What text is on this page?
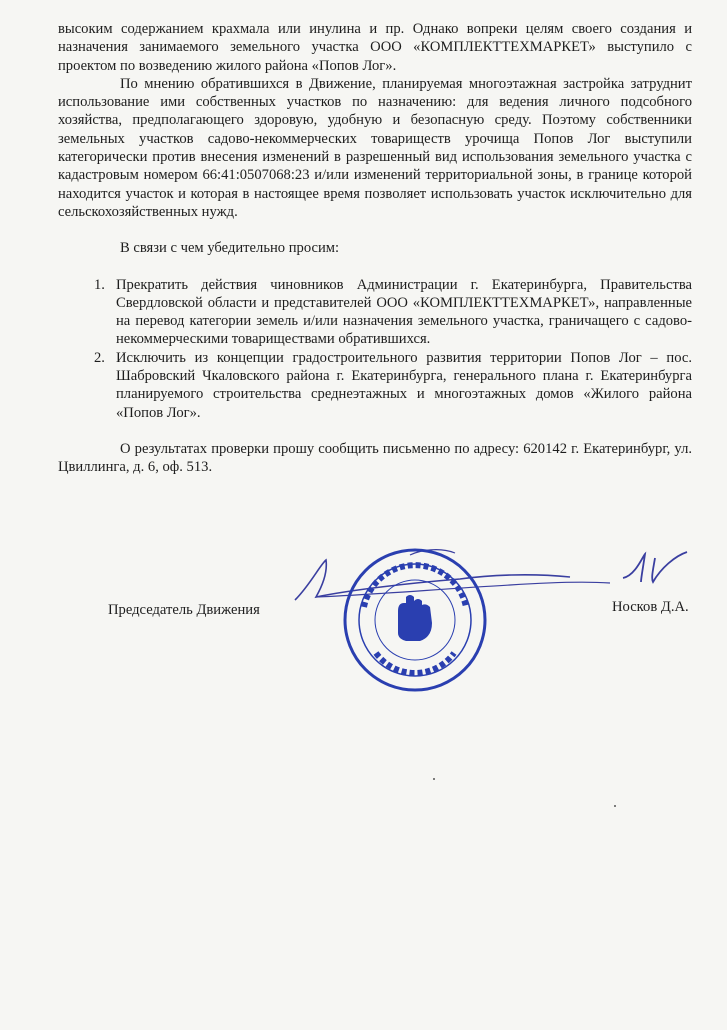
высоким содержанием крахмала или инулина и пр. Однако вопреки целям своего создания и назначения занимаемого земельного участка ООО «КОМПЛЕКТТЕХМАРКЕТ» выступило с проектом по возведению жилого района «Попов Лог».

По мнению обратившихся в Движение, планируемая многоэтажная застройка затруднит использование ими собственных участков по назначению: для ведения личного подсобного хозяйства, предполагающего здоровую, удобную и безопасную среду. Поэтому собственники земельных участков садово-некоммерческих товариществ урочища Попов Лог выступили категорически против внесения изменений в разрешенный вид использования земельного участка с кадастровым номером 66:41:0507068:23 и/или изменений территориальной зоны, в границе которой находится участок и которая в настоящее время позволяет использовать участок исключительно для сельскохозяйственных нужд.

В связи с чем убедительно просим:

1. Прекратить действия чиновников Администрации г. Екатеринбурга, Правительства Свердловской области и представителей ООО «КОМПЛЕКТТЕХМАРКЕТ», направленные на перевод категории земель и/или назначения земельного участка, граничащего с садово-некоммерческими товариществами обратившихся.
2. Исключить из концепции градостроительного развития территории Попов Лог – пос. Шабровский Чкаловского района г. Екатеринбурга, генерального плана г. Екатеринбурга планируемого строительства среднеэтажных и многоэтажных домов «Жилого района «Попов Лог».

О результатах проверки прошу сообщить письменно по адресу: 620142 г. Екатеринбург, ул. Цвиллинга, д. 6, оф. 513.

Председатель Движения	Носков Д.А.
